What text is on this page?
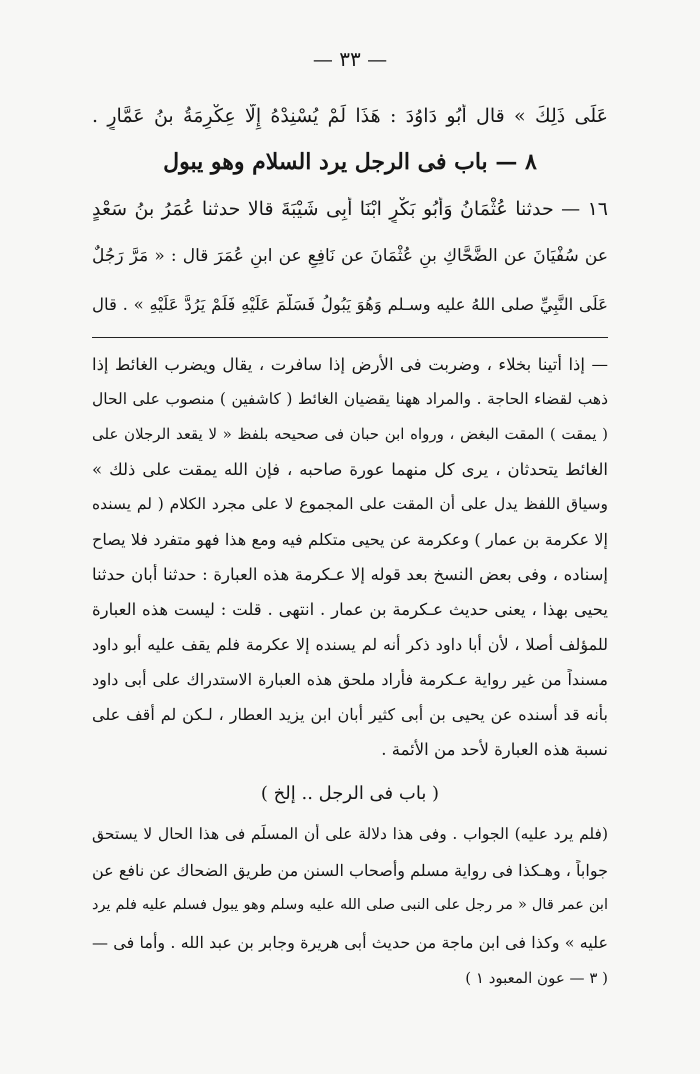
— ٣٣ —
عَلَى ذَلِكَ » قال أَبُو دَاوُدَ : هَذَا لَمْ يُسْنِدْهُ إِلَّا عِكْرِمَةُ بنُ عَمَّارٍ .
٨ — باب فى الرجل يرد السلام وهو يبول
١٦ — حدثنا عُثْمَانُ وَأَبُو بَكْرٍ ابْنَا أَبِى شَيْبَةَ قالا حدثنا عُمَرُ بنُ سَعْدٍ
عن سُفْيَانَ عن الضَّحَّاكِ بنِ عُثْمَانَ عن نَافِعٍ عن ابنِ عُمَرَ قال : « مَرَّ رَجُلٌ
عَلَى النَّبِيِّ صلى اللهُ عليه وسـلم وَهُوَ يَبُولُ فَسَلَّمَ عَلَيْهِ فَلَمْ يَرُدَّ عَلَيْهِ » . قال
— إذا أتينا بخلاء ، وضربت فى الأرض إذا سافرت ، يقال ويضرب الغائط إذا
ذهب لقضاء الحاجة . والمراد ههنا يقضيان الغائط ( كاشفين ) منصوب على الحال
( يمقت ) المقت البغض ، ورواه ابن حبان فى صحيحه بلفظ « لا يقعد الرجلان على
الغائط يتحدثان ، يرى كل منهما عورة صاحبه ، فإن الله يمقت على ذلك »
وسياق اللفظ يدل على أن المقت على المجموع لا على مجرد الكلام ( لم يسنده
إلا عكرمة بن عمار ) وعكرمة عن يحيى متكلم فيه ومع هذا فهو متفرد فلا يصاح
إسناده ، وفى بعض النسخ بعد قوله إلا عـكرمة هذه العبارة : حدثنا أبان حدثنا
يحيى بهذا ، يعنى حديث عـكرمة بن عمار . انتهى . قلت : ليست هذه العبارة
للمؤلف أصلا ، لأن أبا داود ذكر أنه لم يسنده إلا عكرمة فلم يقف عليه أبو داود
مسنداً من غير رواية عـكرمة فأراد ملحق هذه العبارة الاستدراك على أبى داود
بأنه قد أسنده عن يحيى بن أبى كثير أبان ابن يزيد العطار ، لـكن لم أقف على
نسبة هذه العبارة لأحد من الأئمة .
( باب فى الرجل .. إلخ )
(فلم يرد عليه) الجواب . وفى هذا دلالة على أن المسلِّم فى هذا الحال لا يستحق
جواباً ، وهـكذا فى رواية مسلم وأصحاب السنن من طريق الضحاك عن نافع عن
ابن عمر قال « مر رجل على النبى صلى الله عليه وسلم وهو يبول فسلم عليه فلم يرد
عليه » وكذا فى ابن ماجة من حديث أبى هريرة وجابر بن عبد الله . وأما فى —
( ٣ — عون المعبود ١ )
